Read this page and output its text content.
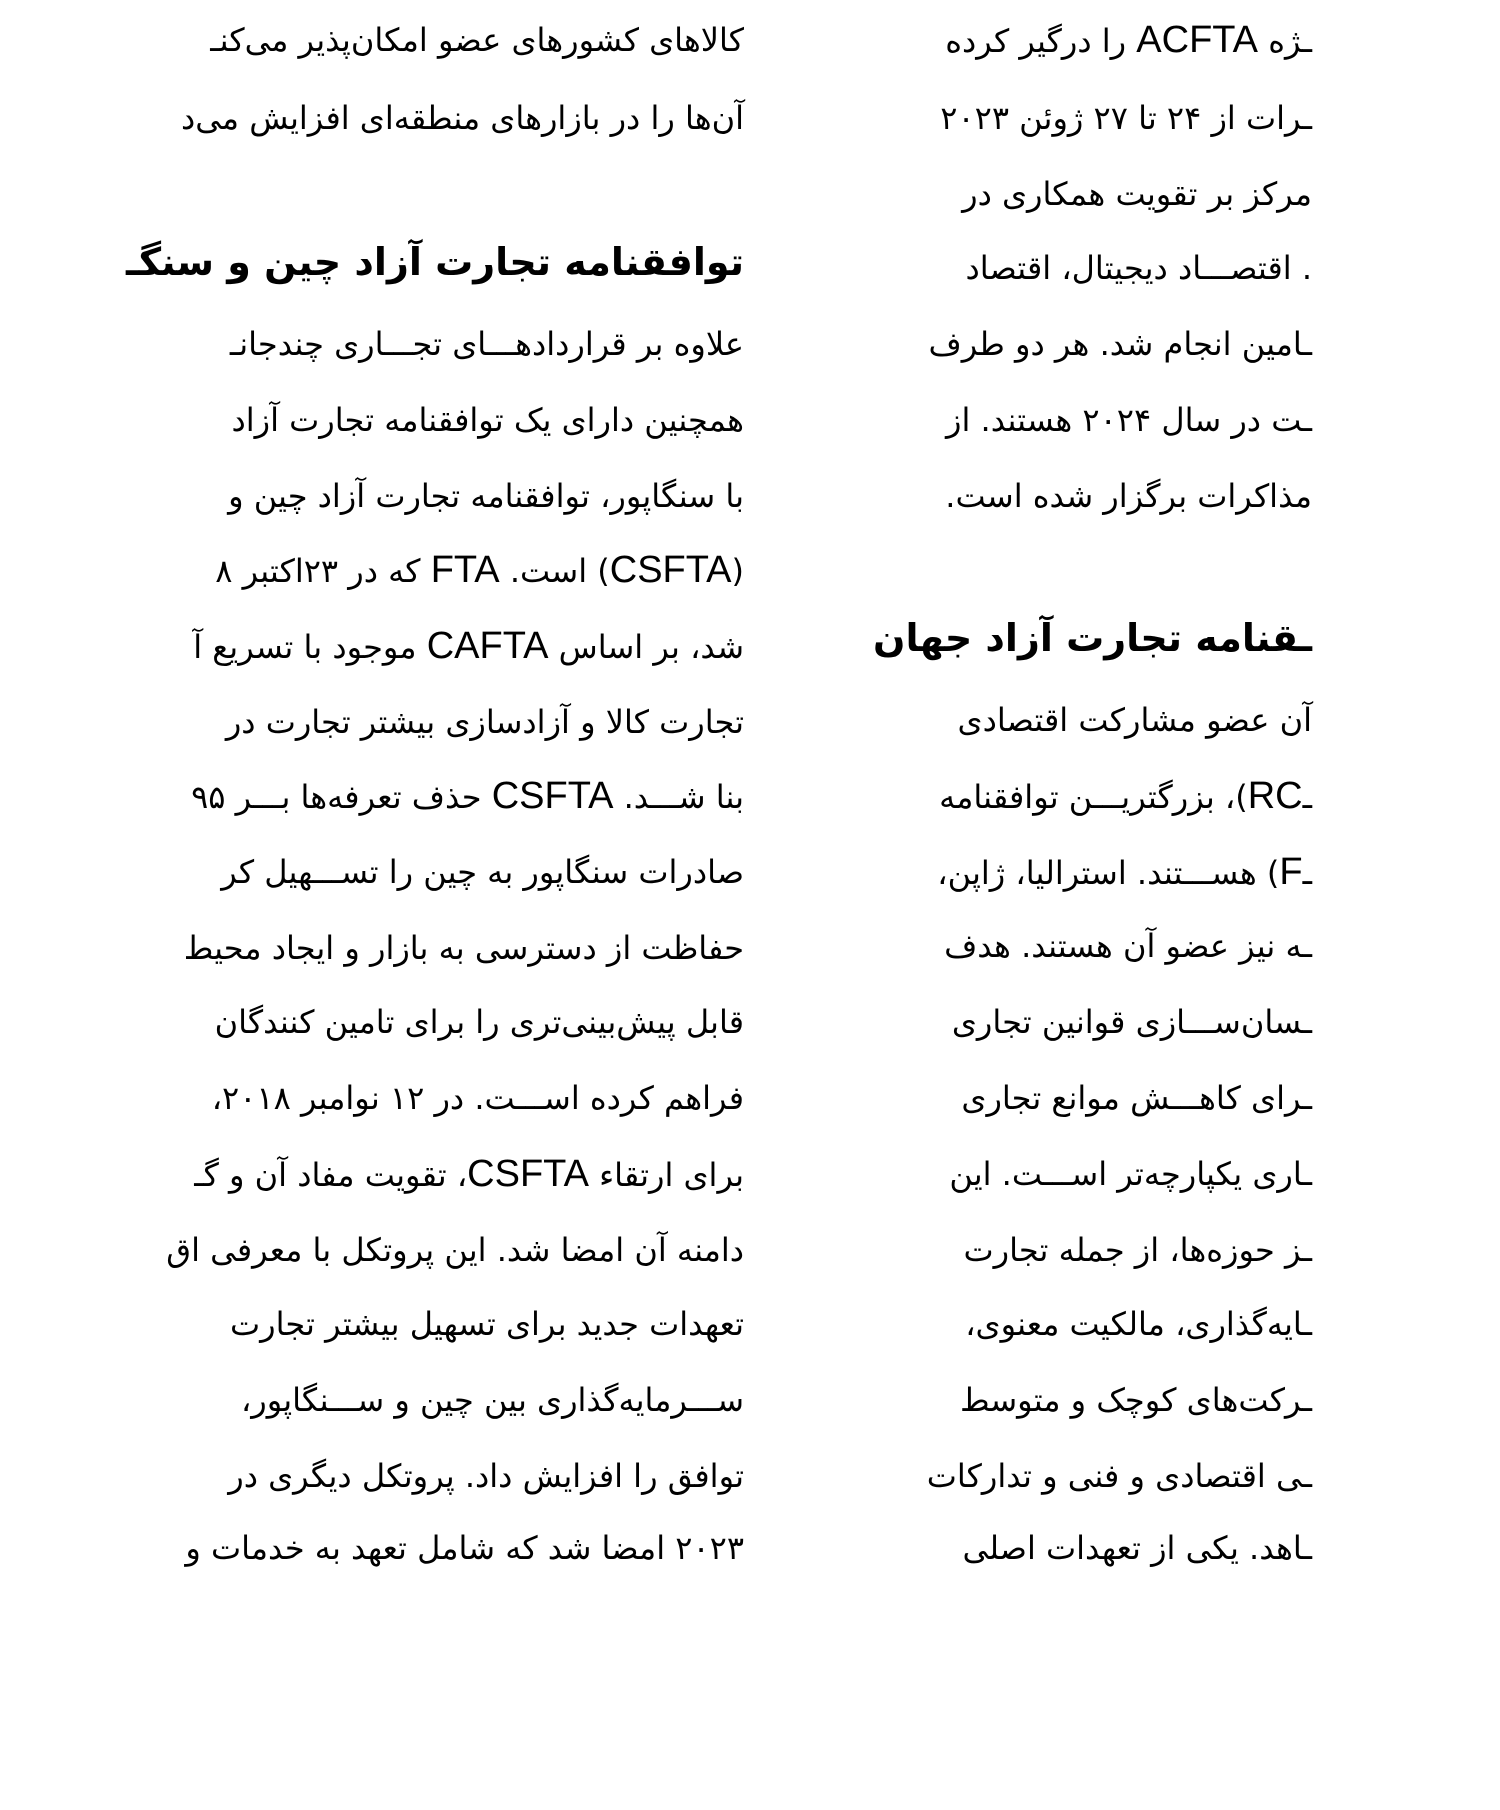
کالاهای کشورهای عضو امکان‌پذیر می‌کنـ
آن‌ها را در بازارهای منطقه‌ای افزایش می‌د
توافقنامه تجارت آزاد چین و سنگـ
علاوه بر قراردادهـــای تجـــاری چندجانـ
همچنین دارای یک توافقنامه تجارت آزاد
با سنگاپور، توافقنامه تجارت آزاد چین و
(CSFTA) است. FTA که در ۲۳اکتبر ۸
شد، بر اساس CAFTA موجود با تسریع آ
تجارت کالا و آزادسازی بیشتر تجارت در
بنا شـــد. CSFTA حذف تعرفه‌ها بـــر ۹۵
صادرات سنگاپور به چین را تســـهیل کر
حفاظت از دسترسی به بازار و ایجاد محیط
قابل پیش‌بینی‌تری را برای تامین کنندگان
فراهم کرده اســـت. در ۱۲ نوامبر ۲۰۱۸،
برای ارتقاء CSFTA، تقویت مفاد آن و گـ
دامنه آن امضا شد. این پروتکل با معرفی اق
تعهدات جدید برای تسهیل بیشتر تجارت
ســـرمایه‌گذاری بین چین و ســـنگاپور،
توافق را افزایش داد. پروتکل دیگری در
۲۰۲۳ امضا شد که شامل تعهد به خدمات و
ـژه ACFTA را درگیر کرده
ـرات از ۲۴ تا ۲۷ ژوئن ۲۰۲۳
مرکز بر تقویت همکاری در
. اقتصـــاد دیجیتال، اقتصاد
ـامین انجام شد. هر دو طرف
ـت در سال ۲۰۲۴ هستند. از
مذاکرات برگزار شده است.
ـقنامه تجارت آزاد جهان
آن عضو مشارکت اقتصادی
ـRC)، بزرگتریـــن توافقنامه
ـF) هســـتند. استرالیا، ژاپن،
ـه نیز عضو آن هستند. هدف
ـسان‌ســـازی قوانین تجاری
ـرای کاهـــش موانع تجاری
ـاری یکپارچه‌تر اســـت. این
ـز حوزه‌ها، از جمله تجارت
ـایه‌گذاری، مالکیت معنوی،
ـرکت‌های کوچک و متوسط
ـی اقتصادی و فنی و تدارکات
ـاهد. یکی از تعهدات اصلی
